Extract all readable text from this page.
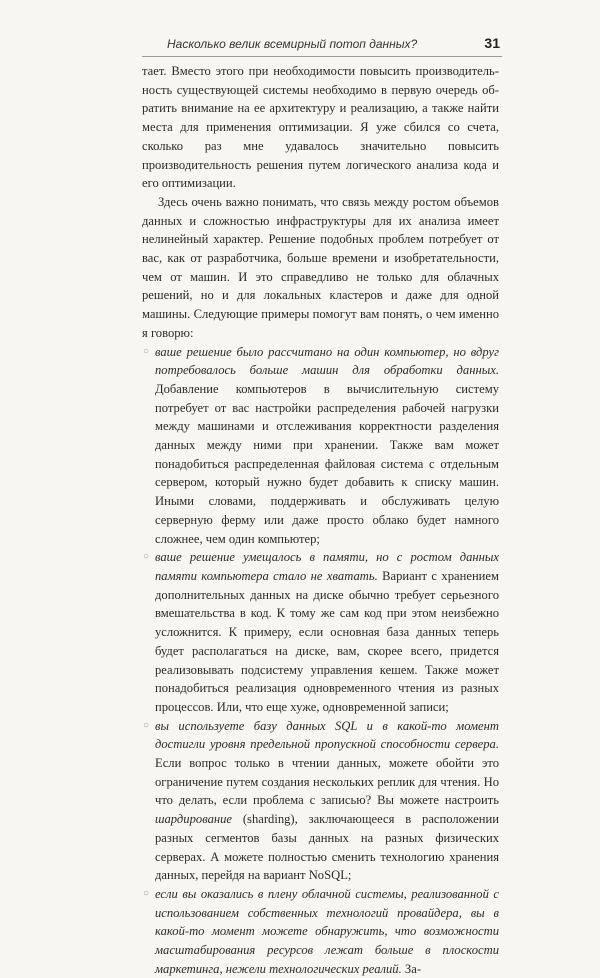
Насколько велик всемирный потоп данных?	31

тает. Вместо этого при необходимости повысить производительность существующей системы необходимо в первую очередь обратить внимание на ее архитектуру и реализацию, а также найти места для применения оптимизации. Я уже сбился со счета, сколько раз мне удавалось значительно повысить производительность решения путем логического анализа кода и его оптимизации.

Здесь очень важно понимать, что связь между ростом объемов данных и сложностью инфраструктуры для их анализа имеет нелинейный характер. Решение подобных проблем потребует от вас, как от разработчика, больше времени и изобретательности, чем от машин. И это справедливо не только для облачных решений, но и для локальных кластеров и даже для одной машины. Следующие примеры помогут вам понять, о чем именно я говорю:

○ ваше решение было рассчитано на один компьютер, но вдруг потребовалось больше машин для обработки данных. Добавление компьютеров в вычислительную систему потребует от вас настройки распределения рабочей нагрузки между машинами и отслеживания корректности разделения данных между ними при хранении. Также вам может понадобиться распределенная файловая система с отдельным сервером, который нужно будет добавить к списку машин. Иными словами, поддерживать и обслуживать целую серверную ферму или даже просто облако будет намного сложнее, чем один компьютер;
○ ваше решение умещалось в памяти, но с ростом данных памяти компьютера стало не хватать. Вариант с хранением дополнительных данных на диске обычно требует серьезного вмешательства в код. К тому же сам код при этом неизбежно усложнится. К примеру, если основная база данных теперь будет располагаться на диске, вам, скорее всего, придется реализовывать подсистему управления кешем. Также может понадобиться реализация одновременного чтения из разных процессов. Или, что еще хуже, одновременной записи;
○ вы используете базу данных SQL и в какой-то момент достигли уровня предельной пропускной способности сервера. Если вопрос только в чтении данных, можете обойти это ограничение путем создания нескольких реплик для чтения. Но что делать, если проблема с записью? Вы можете настроить шардирование (sharding), заключающееся в расположении разных сегментов базы данных на разных физических серверах. А можете полностью сменить технологию хранения данных, перейдя на вариант NoSQL;
○ если вы оказались в плену облачной системы, реализованной с использованием собственных технологий провайдера, вы в какой-то момент можете обнаружить, что возможности масштабирования ресурсов лежат больше в плоскости маркетинга, нежели технологических реалий. За-
